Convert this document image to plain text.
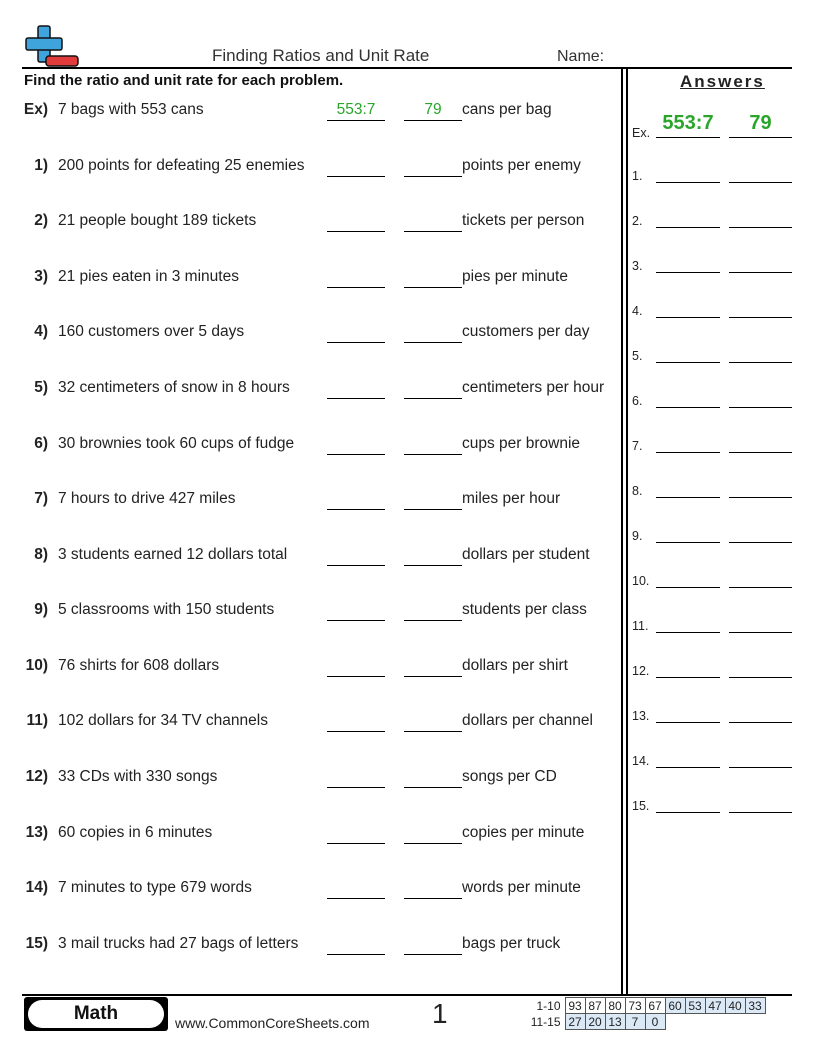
Finding Ratios and Unit Rate	Name:
Find the ratio and unit rate for each problem.
Ex) 7 bags with 553 cans	553:7	79	cans per bag
1) 200 points for defeating 25 enemies	points per enemy
2) 21 people bought 189 tickets	tickets per person
3) 21 pies eaten in 3 minutes	pies per minute
4) 160 customers over 5 days	customers per day
5) 32 centimeters of snow in 8 hours	centimeters per hour
6) 30 brownies took 60 cups of fudge	cups per brownie
7) 7 hours to drive 427 miles	miles per hour
8) 3 students earned 12 dollars total	dollars per student
9) 5 classrooms with 150 students	students per class
10) 76 shirts for 608 dollars	dollars per shirt
11) 102 dollars for 34 TV channels	dollars per channel
12) 33 CDs with 330 songs	songs per CD
13) 60 copies in 6 minutes	copies per minute
14) 7 minutes to type 679 words	words per minute
15) 3 mail trucks had 27 bags of letters	bags per truck
Answers
Ex. 553:7	79
1.
2.
3.
4.
5.
6.
7.
8.
9.
10.
11.
12.
13.
14.
15.
Math	www.CommonCoreSheets.com 1	1-10	93	87	80	73	67	60	53	47	40	33
11-15	27	20	13	7	0					
